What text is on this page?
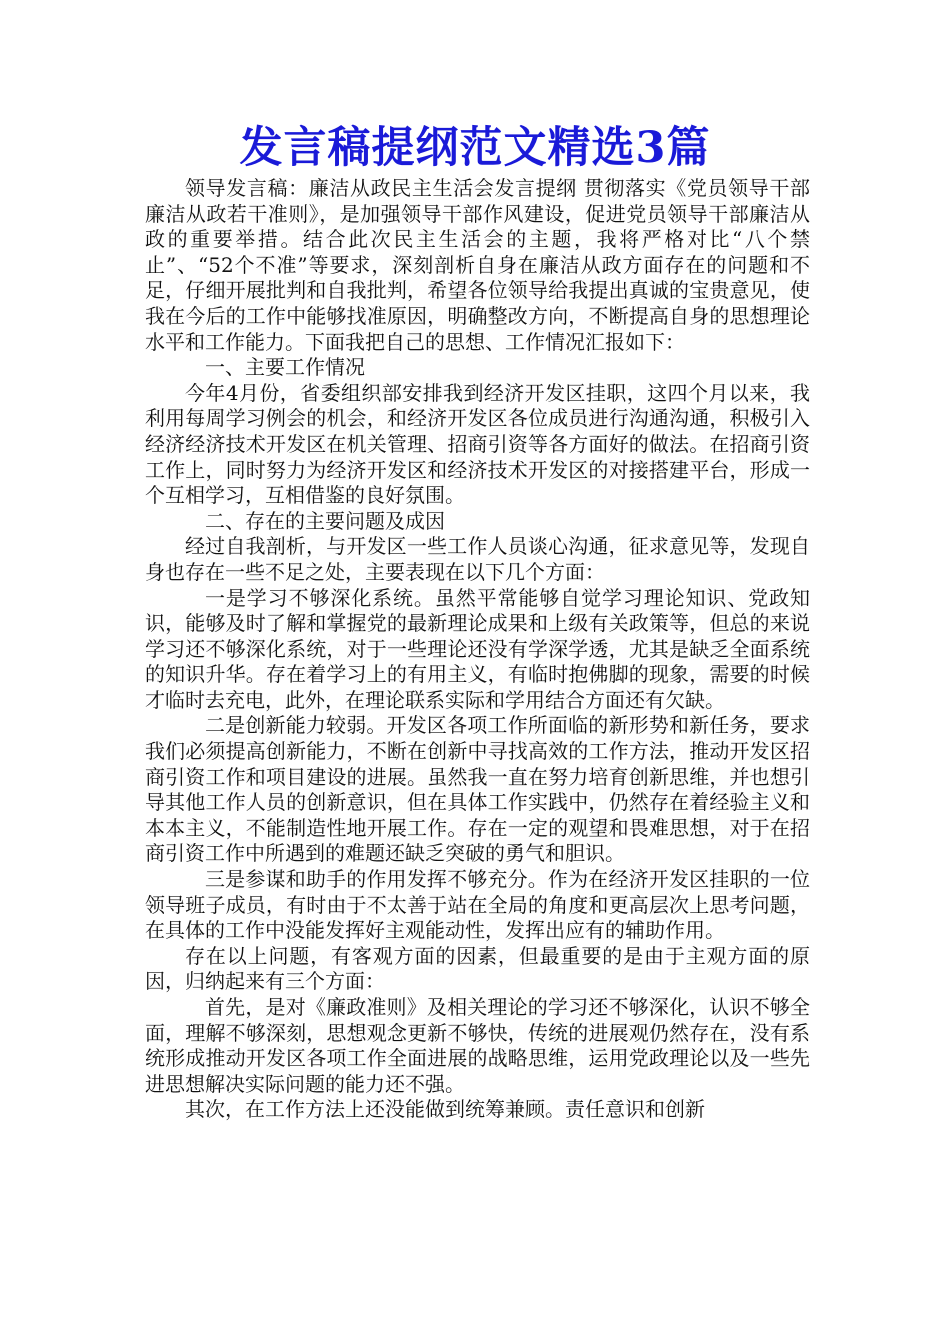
发言稿提纲范文精选3篇

领导发言稿：廉洁从政民主生活会发言提纲 贯彻落实《党员领导干部廉洁从政若干准则》，是加强领导干部作风建设，促进党员领导干部廉洁从政的重要举措。结合此次民主生活会的主题，我将严格对比“八个禁止”、“52个不准”等要求，深刻剖析自身在廉洁从政方面存在的问题和不足，仔细开展批判和自我批判，希望各位领导给我提出真诚的宝贵意见，使我在今后的工作中能够找准原因，明确整改方向，不断提高自身的思想理论水平和工作能力。下面我把自己的思想、工作情况汇报如下：

一、主要工作情况

今年4月份，省委组织部安排我到经济开发区挂职，这四个月以来，我利用每周学习例会的机会，和经济开发区各位成员进行沟通沟通，积极引入经济经济技术开发区在机关管理、招商引资等各方面好的做法。在招商引资工作上，同时努力为经济开发区和经济技术开发区的对接搭建平台，形成一个互相学习，互相借鉴的良好氛围。

二、存在的主要问题及成因

经过自我剖析，与开发区一些工作人员谈心沟通，征求意见等，发现自身也存在一些不足之处，主要表现在以下几个方面：

一是学习不够深化系统。虽然平常能够自觉学习理论知识、党政知识，能够及时了解和掌握党的最新理论成果和上级有关政策等，但总的来说学习还不够深化系统，对于一些理论还没有学深学透，尤其是缺乏全面系统的知识升华。存在着学习上的有用主义，有临时抱佛脚的现象，需要的时候才临时去充电，此外，在理论联系实际和学用结合方面还有欠缺。

二是创新能力较弱。开发区各项工作所面临的新形势和新任务，要求我们必须提高创新能力，不断在创新中寻找高效的工作方法，推动开发区招商引资工作和项目建设的进展。虽然我一直在努力培育创新思维，并也想引导其他工作人员的创新意识，但在具体工作实践中，仍然存在着经验主义和本本主义，不能制造性地开展工作。存在一定的观望和畏难思想，对于在招商引资工作中所遇到的难题还缺乏突破的勇气和胆识。

三是参谋和助手的作用发挥不够充分。作为在经济开发区挂职的一位领导班子成员，有时由于不太善于站在全局的角度和更高层次上思考问题，在具体的工作中没能发挥好主观能动性，发挥出应有的辅助作用。

存在以上问题，有客观方面的因素，但最重要的是由于主观方面的原因，归纳起来有三个方面：

首先，是对《廉政准则》及相关理论的学习还不够深化，认识不够全面，理解不够深刻，思想观念更新不够快，传统的进展观仍然存在，没有系统形成推动开发区各项工作全面进展的战略思维，运用党政理论以及一些先进思想解决实际问题的能力还不强。

其次，在工作方法上还没能做到统筹兼顾。责任意识和创新
